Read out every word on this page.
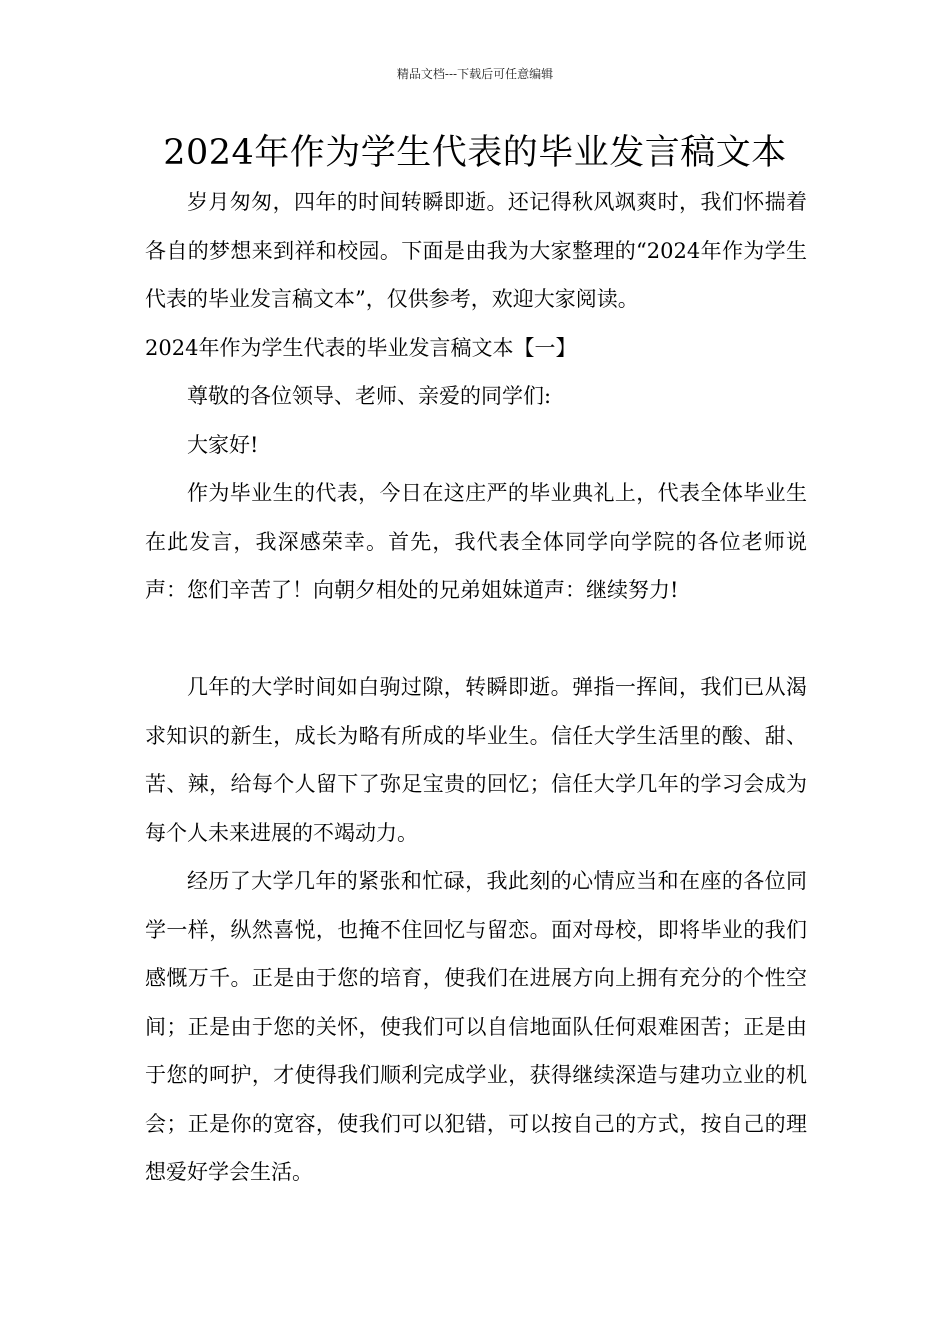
精品文档---下载后可任意编辑
2024年作为学生代表的毕业发言稿文本

岁月匆匆，四年的时间转瞬即逝。还记得秋风飒爽时，我们怀揣着各自的梦想来到祥和校园。下面是由我为大家整理的“2024年作为学生代表的毕业发言稿文本”，仅供参考，欢迎大家阅读。

2024年作为学生代表的毕业发言稿文本【一】

尊敬的各位领导、老师、亲爱的同学们:

大家好!

作为毕业生的代表，今日在这庄严的毕业典礼上，代表全体毕业生在此发言，我深感荣幸。首先，我代表全体同学向学院的各位老师说声：您们辛苦了！向朝夕相处的兄弟姐妹道声：继续努力!

几年的大学时间如白驹过隙，转瞬即逝。弹指一挥间，我们已从渴求知识的新生，成长为略有所成的毕业生。信任大学生活里的酸、甜、苦、辣，给每个人留下了弥足宝贵的回忆；信任大学几年的学习会成为每个人未来进展的不竭动力。

经历了大学几年的紧张和忙碌，我此刻的心情应当和在座的各位同学一样，纵然喜悦，也掩不住回忆与留恋。面对母校，即将毕业的我们感慨万千。正是由于您的培育，使我们在进展方向上拥有充分的个性空间；正是由于您的关怀，使我们可以自信地面队任何艰难困苦；正是由于您的呵护，才使得我们顺利完成学业，获得继续深造与建功立业的机会；正是你的宽容，使我们可以犯错，可以按自己的方式，按自己的理想爱好学会生活。
